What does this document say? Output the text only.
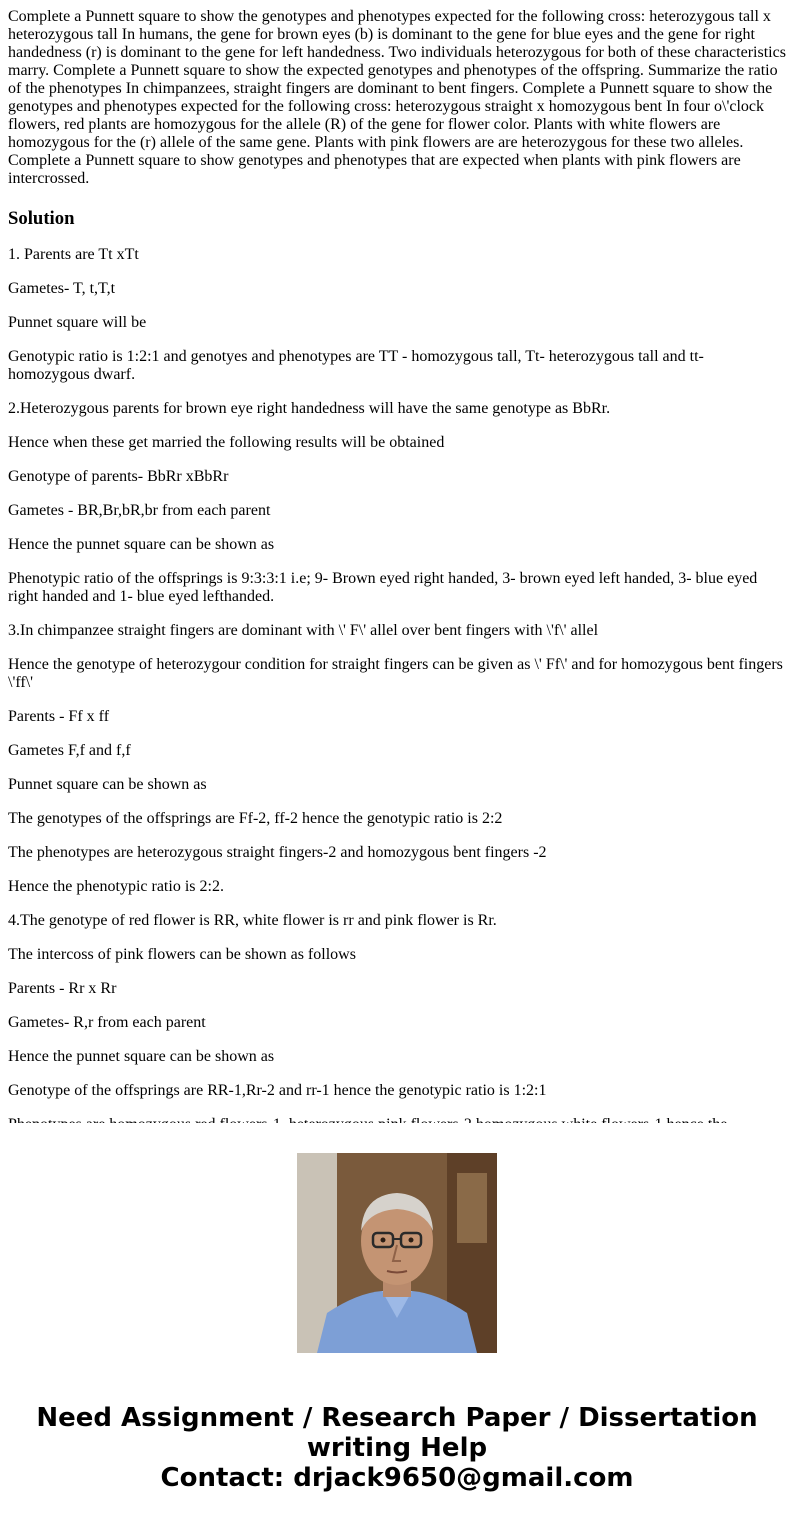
Complete a Punnett square to show the genotypes and phenotypes expected for the following cross: heterozygous tall x heterozygous tall In humans, the gene for brown eyes (b) is dominant to the gene for blue eyes and the gene for right handedness (r) is dominant to the gene for left handedness. Two individuals heterozygous for both of these characteristics marry. Complete a Punnett square to show the expected genotypes and phenotypes of the offspring. Summarize the ratio of the phenotypes In chimpanzees, straight fingers are dominant to bent fingers. Complete a Punnett square to show the genotypes and phenotypes expected for the following cross: heterozygous straight x homozygous bent In four o\'clock flowers, red plants are homozygous for the allele (R) of the gene for flower color. Plants with white flowers are homozygous for the (r) allele of the same gene. Plants with pink flowers are are heterozygous for these two alleles. Complete a Punnett square to show genotypes and phenotypes that are expected when plants with pink flowers are intercrossed.
Solution

1. Parents are Tt xTt

Gametes- T, t,T,t

Punnet square will be

Genotypic ratio is 1:2:1 and genotyes and phenotypes are TT - homozygous tall, Tt- heterozygous tall and tt- homozygous dwarf.

2.Heterozygous parents for brown eye right handedness will have the same genotype as BbRr.

Hence when these get married the following results will be obtained

Genotype of parents- BbRr xBbRr

Gametes - BR,Br,bR,br from each parent

Hence the punnet square can be shown as

Phenotypic ratio of the offsprings is 9:3:3:1 i.e; 9- Brown eyed right handed, 3- brown eyed left handed, 3- blue eyed right handed and 1- blue eyed lefthanded.

3.In chimpanzee straight fingers are dominant with \' F\' allel over bent fingers with \'f\' allel

Hence the genotype of heterozygour condition for straight fingers can be given as \' Ff\' and for homozygous bent fingers \'ff\'

Parents - Ff x ff

Gametes F,f and f,f

Punnet square can be shown as

The genotypes of the offsprings are Ff-2, ff-2 hence the genotypic ratio is 2:2

The phenotypes are heterozygous straight fingers-2 and homozygous bent fingers -2

Hence the phenotypic ratio is 2:2.

4.The genotype of red flower is RR, white flower is rr and pink flower is Rr.

The intercoss of pink flowers can be shown as follows

Parents - Rr x Rr

Gametes- R,r from each parent

Hence the punnet square can be shown as

Genotype of the offsprings are RR-1,Rr-2 and rr-1 hence the genotypic ratio is 1:2:1

Need Assignment / Research Paper / Dissertation
writing Help
Contact: drjack9650@gmail.com
